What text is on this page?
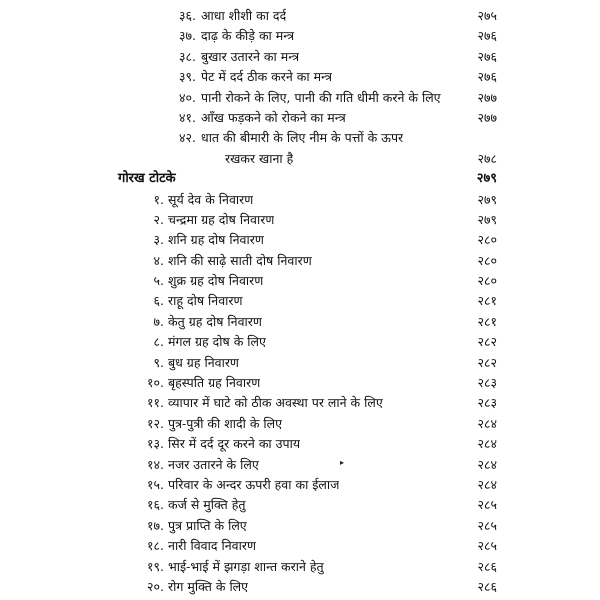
३६. आधा शीशी का दर्द	२७५
३७. दाढ़ के कीड़े का मन्त्र	२७६
३८. बुखार उतारने का मन्त्र	२७६
३९. पेट में दर्द ठीक करने का मन्त्र	२७६
४०. पानी रोकने के लिए, पानी की गति धीमी करने के लिए	२७७
४१. आँख फड़कने को रोकने का मन्त्र	२७७
४२. धात की बीमारी के लिए नीम के पत्तों के ऊपर
रखकर खाना है	२७८
गोरख टोटके	२७९
१. सूर्य देव के निवारण	२७९
२. चन्द्रमा ग्रह दोष निवारण	२७९
३. शनि ग्रह दोष निवारण	२८०
४. शनि की साढ़े साती दोष निवारण	२८०
५. शुक्र ग्रह दोष निवारण	२८०
६. राहू दोष निवारण	२८१
७. केतु ग्रह दोष निवारण	२८१
८. मंगल ग्रह दोष के लिए	२८२
९. बुध ग्रह निवारण	२८२
१०. बृहस्पति ग्रह निवारण	२८३
११. व्यापार में घाटे को ठीक अवस्था पर लाने के लिए	२८३
१२. पुत्र-पुत्री की शादी के लिए	२८४
१३. सिर में दर्द दूर करने का उपाय	२८४
१४. नजर उतारने के लिए	२८४
१५. परिवार के अन्दर ऊपरी हवा का ईलाज	२८४
१६. कर्ज से मुक्ति हेतु	२८५
१७. पुत्र प्राप्ति के लिए	२८५
१८. नारी विवाद निवारण	२८५
१९. भाई-भाई में झगड़ा शान्त कराने हेतु	२८६
२०. रोग मुक्ति के लिए	२८६
▸
